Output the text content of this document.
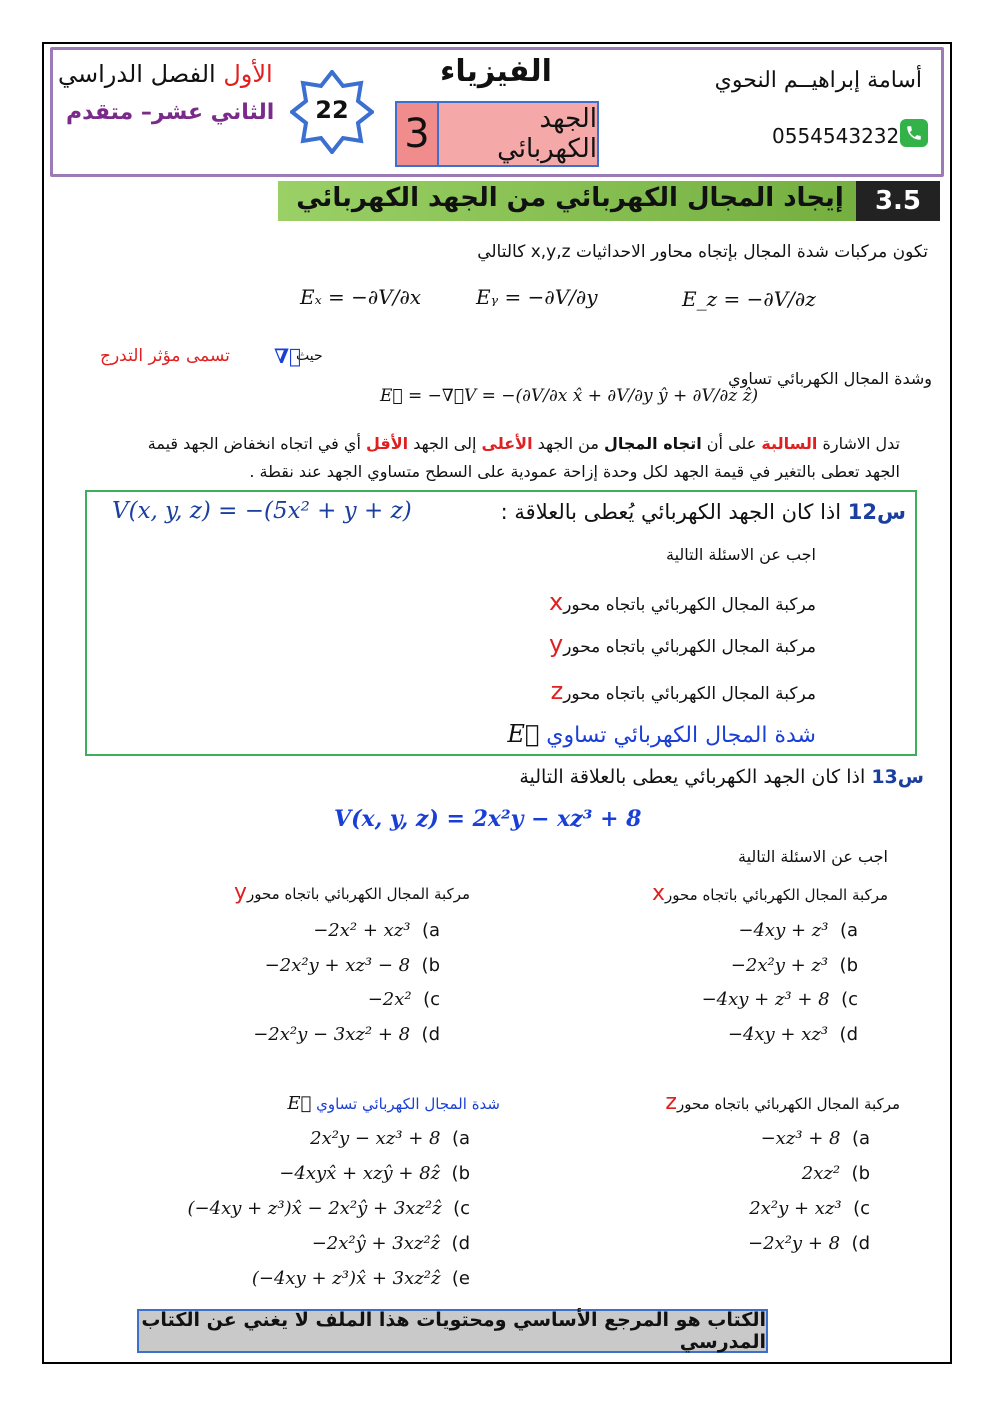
أسامة إبراهيــم النحوي
0554543232
الفيزياء
3	الجهد الكهربائي
22
الأول الفصل الدراسي
الثاني عشر– متقدم
3.5
إيجاد المجال الكهربائي من الجهد الكهربائي
تكون مركبات شدة المجال بإتجاه محاور الاحداثيات x,y,z كالتالي
Eₓ = −∂V/∂x	Eᵧ = −∂V/∂y	E_z = −∂V/∂z
حيث
∇⃗
تسمى مؤثر التدرج
وشدة المجال الكهربائي تساوي
E⃗ = −∇⃗V = −(∂V/∂x x̂ + ∂V/∂y ŷ + ∂V/∂z ẑ)
تدل الاشارة السالبة على أن اتجاه المجال من الجهد الأعلى إلى الجهد الأقل أي في اتجاه انخفاض الجهد قيمة
الجهد تعطى بالتغير في قيمة الجهد لكل وحدة إزاحة عمودية على السطح متساوي الجهد عند نقطة .
س12 اذا كان الجهد الكهربائي يُعطى بالعلاقة :
V(x, y, z) = −(5x² + y + z)
اجب عن الاسئلة التالية
مركبة المجال الكهربائي باتجاه محورx
مركبة المجال الكهربائي باتجاه محورy
مركبة المجال الكهربائي باتجاه محورz
شدة المجال الكهربائي تساوي E⃗
س13 اذا كان الجهد الكهربائي يعطى بالعلاقة التالية
V(x, y, z) = 2x²y − xz³ + 8
اجب عن الاسئلة التالية
مركبة المجال الكهربائي باتجاه محورx
−4xy + z³ (a
−2x²y + z³ (b
−4xy + z³ + 8 (c
−4xy + xz³ (d
مركبة المجال الكهربائي باتجاه محورy
−2x² + xz³ (a
−2x²y + xz³ − 8 (b
−2x² (c
−2x²y − 3xz² + 8 (d
مركبة المجال الكهربائي باتجاه محورz
−xz³ + 8 (a
2xz² (b
2x²y + xz³ (c
−2x²y + 8 (d
شدة المجال الكهربائي تساوي E⃗
2x²y − xz³ + 8 (a
−4xyx̂ + xzŷ + 8ẑ (b
(−4xy + z³)x̂ − 2x²ŷ + 3xz²ẑ (c
−2x²ŷ + 3xz²ẑ (d
(−4xy + z³)x̂ + 3xz²ẑ (e
الكتاب هو المرجع الأساسي ومحتويات هذا الملف لا يغني عن الكتاب المدرسي
